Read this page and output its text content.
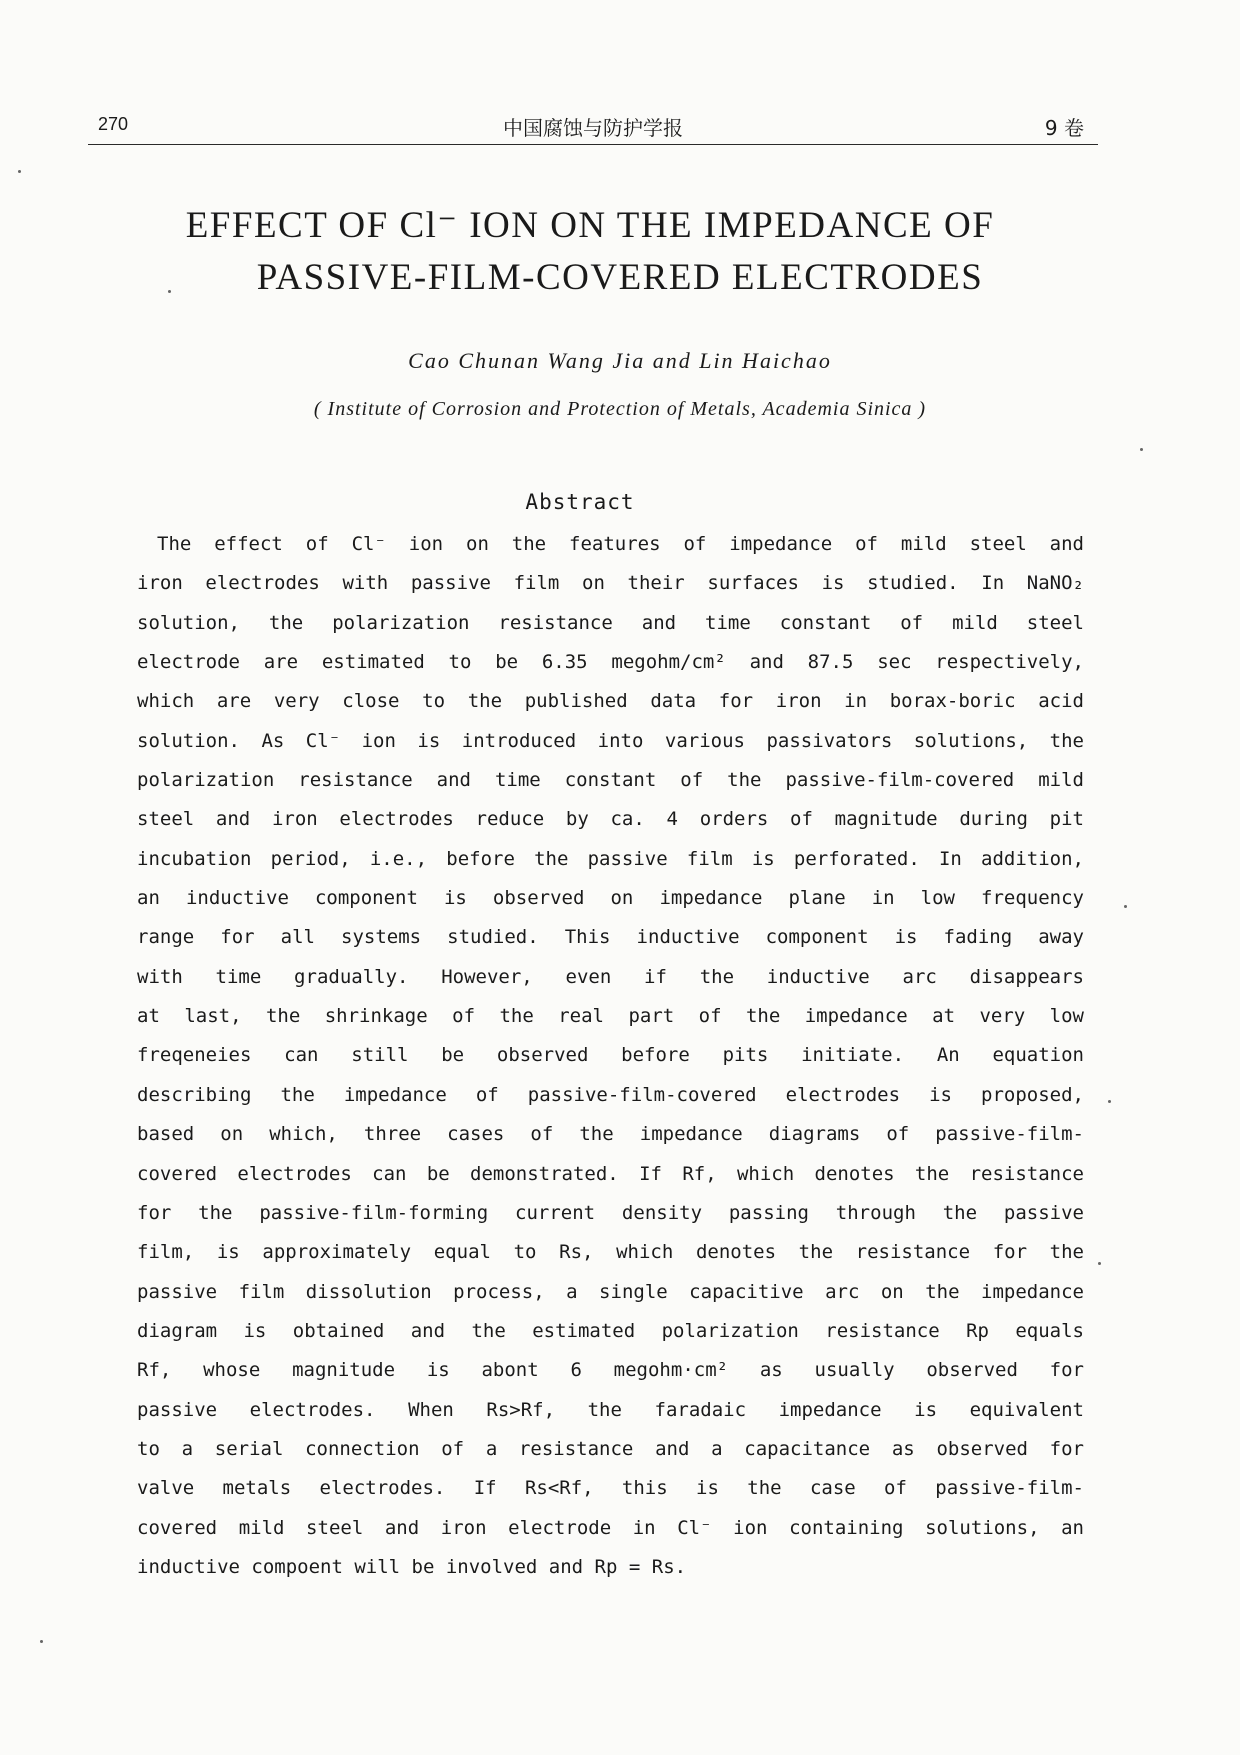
270	中国腐蚀与防护学报	9 卷
EFFECT OF Cl⁻ ION ON THE IMPEDANCE OF
PASSIVE-FILM-COVERED ELECTRODES
Cao Chunan Wang Jia and Lin Haichao
( Institute of Corrosion and Protection of Metals, Academia Sinica )
Abstract
The effect of Cl⁻ ion on the features of impedance of mild steel and
iron electrodes with passive film on their surfaces is studied. In NaNO₂
solution, the polarization resistance and time constant of mild steel
electrode are estimated to be 6.35 megohm/cm² and 87.5 sec respectively,
which are very close to the published data for iron in borax-boric acid
solution. As Cl⁻ ion is introduced into various passivators solutions, the
polarization resistance and time constant of the passive-film-covered mild
steel and iron electrodes reduce by ca. 4 orders of magnitude during pit
incubation period, i.e., before the passive film is perforated. In addition,
an inductive component is observed on impedance plane in low frequency
range for all systems studied. This inductive component is fading away
with time gradually. However, even if the inductive arc disappears
at last, the shrinkage of the real part of the impedance at very low
freqeneies can still be observed before pits initiate. An equation
describing the impedance of passive-film-covered electrodes is proposed,
based on which, three cases of the impedance diagrams of passive-film-
covered electrodes can be demonstrated. If Rf, which denotes the resistance
for the passive-film-forming current density passing through the passive
film, is approximately equal to Rs, which denotes the resistance for the
passive film dissolution process, a single capacitive arc on the impedance
diagram is obtained and the estimated polarization resistance Rp equals
Rf, whose magnitude is abont 6 megohm·cm² as usually observed for
passive electrodes. When Rs>Rf, the faradaic impedance is equivalent
to a serial connection of a resistance and a capacitance as observed for
valve metals electrodes. If Rs<Rf, this is the case of passive-film-
covered mild steel and iron electrode in Cl⁻ ion containing solutions, an
inductive compoent will be involved and Rp = Rs.
